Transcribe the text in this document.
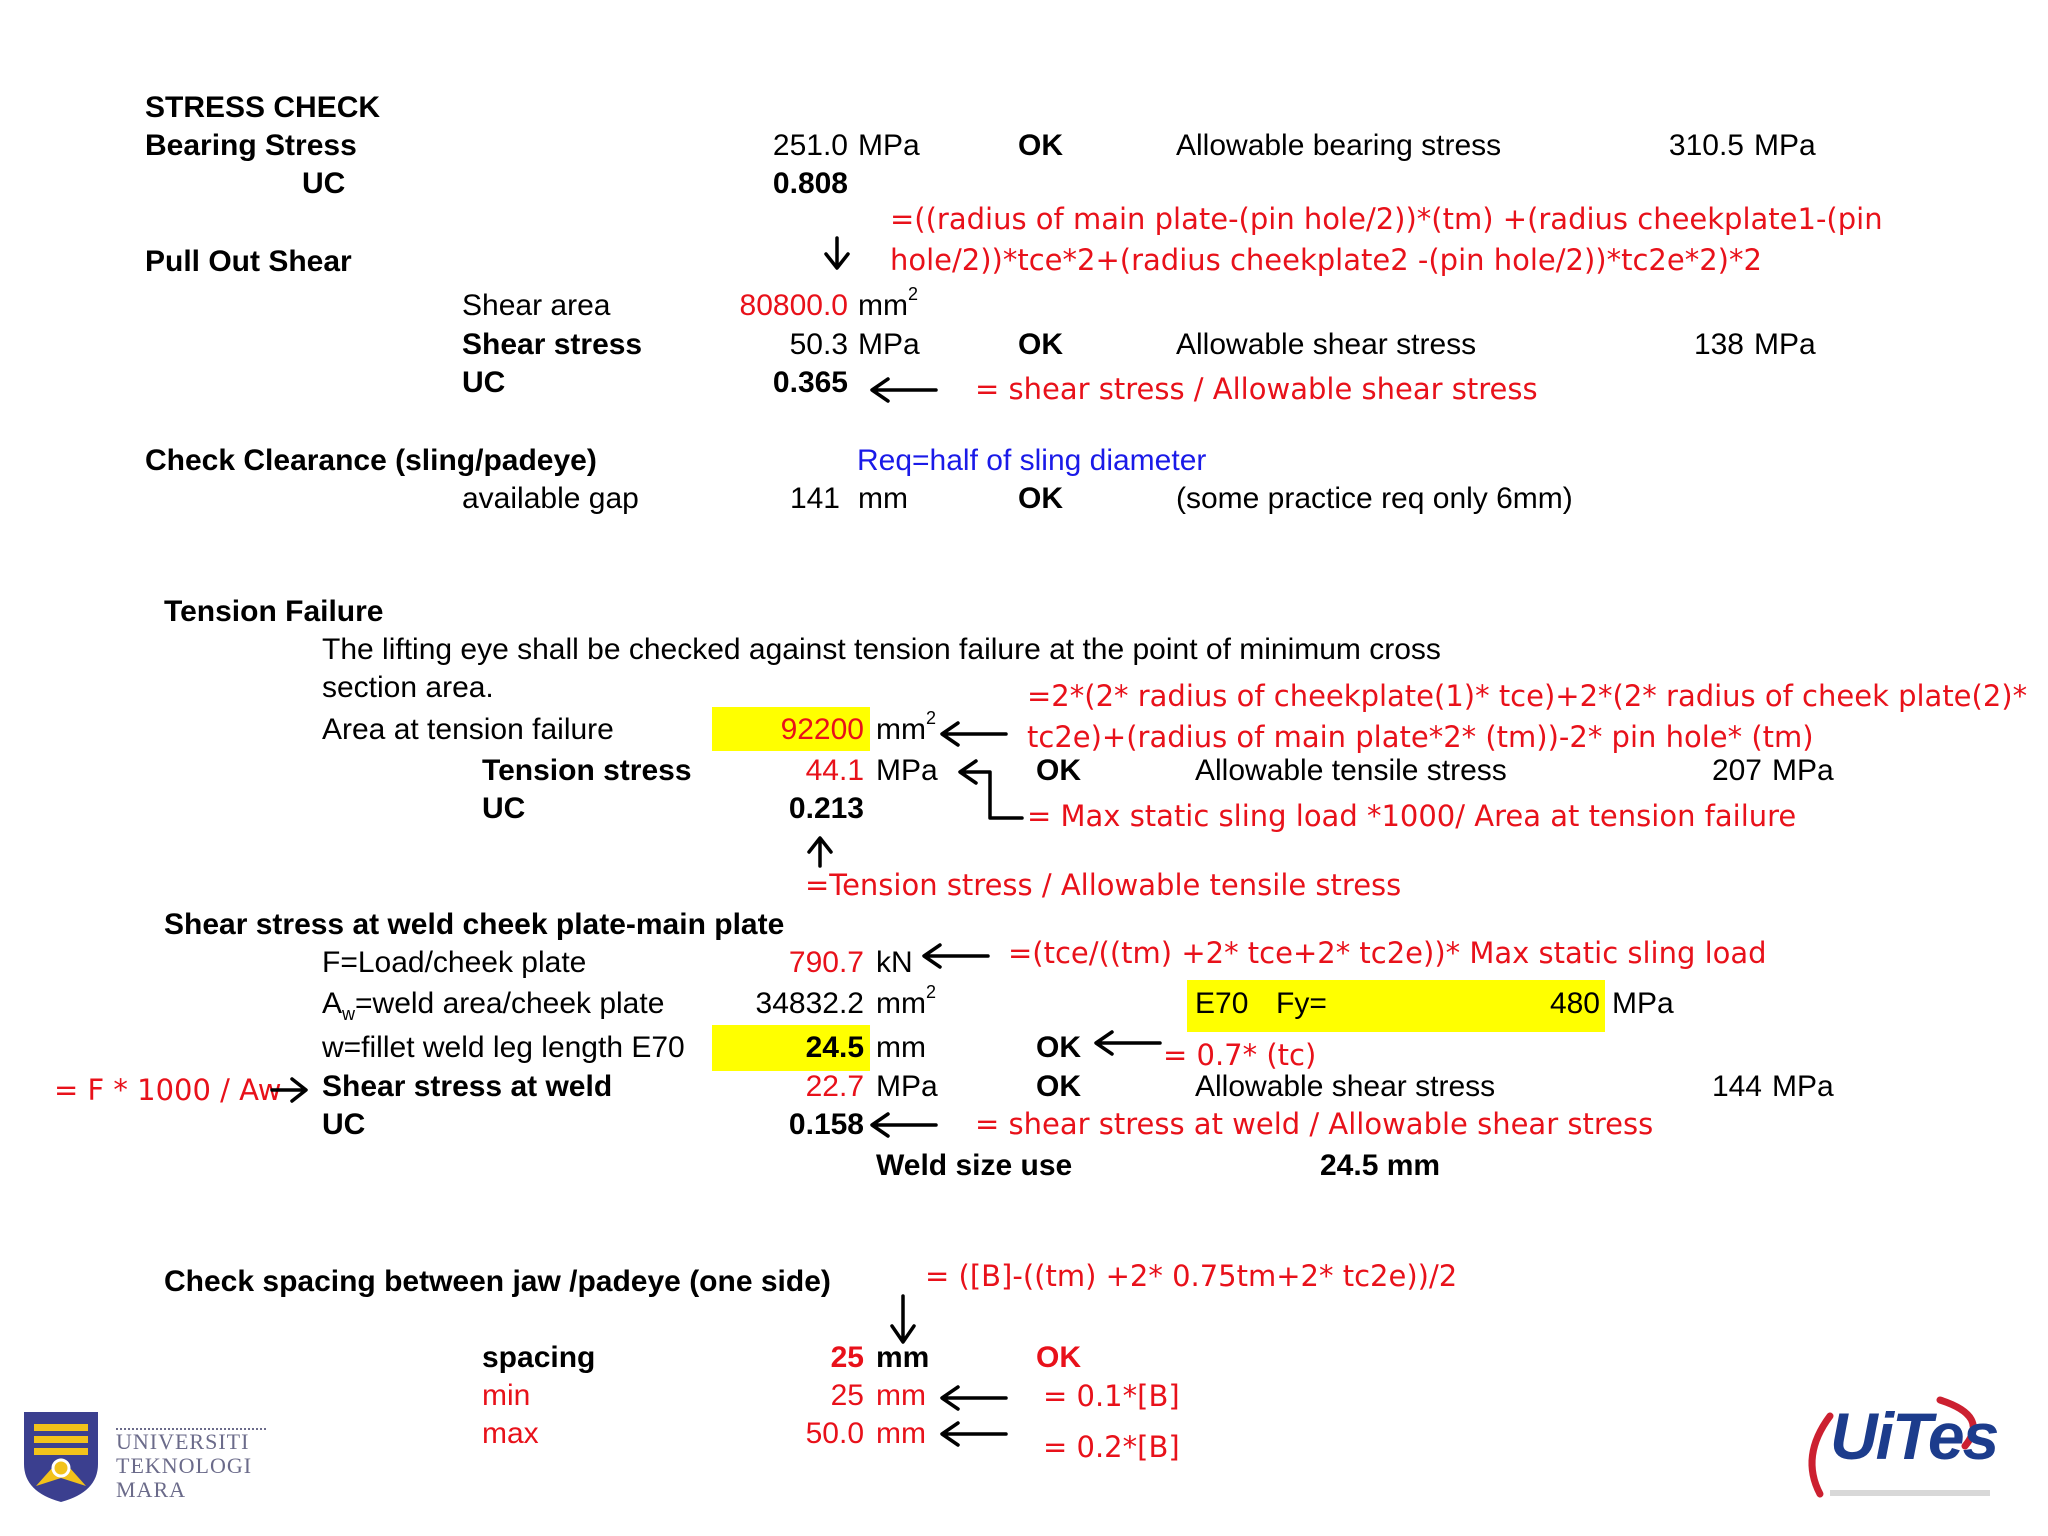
STRESS CHECK
Bearing Stress	251.0 MPa	OK	Allowable bearing stress	310.5 MPa
UC	0.808
=((radius of main plate-(pin hole/2))*(tm) +(radius cheekplate1-(pin
hole/2))*tce*2+(radius cheekplate2 -(pin hole/2))*tc2e*2)*2
Pull Out Shear
Shear area	80800.0 $mm^2$
Shear stress	50.3 MPa	OK	Allowable shear stress	138 MPa
UC	0.365	= shear stress / Allowable shear stress
Check Clearance (sling/padeye)	Req=half of sling diameter
available gap	141 mm	OK	(some practice req only 6mm)
Tension Failure
The lifting eye shall be checked against tension failure at the point of minimum cross
section area.	=2*(2* radius of cheekplate(1)* tce)+2*(2* radius of cheek plate(2)*
tc2e)+(radius of main plate*2* (tm))-2* pin hole* (tm)
Area at tension failure	92200 $mm^2$
Tension stress	44.1 MPa	OK	Allowable tensile stress	207 MPa
UC	0.213	= Max static sling load *1000/ Area at tension failure
=Tension stress / Allowable tensile stress
Shear stress at weld cheek plate-main plate
F=Load/cheek plate	790.7 kN	=(tce/((tm) +2* tce+2* tc2e))* Max static sling load
$A_w=weld$ area/cheek plate	34832.2 $mm^2$	E70 Fy=	480 MPa
w=fillet weld leg length E70	24.5 mm	OK	= 0.7* (tc)
= F * 1000 / Aw Shear stress at weld	22.7 MPa	OK	Allowable shear stress	144 MPa
UC	0.158	= shear stress at weld / Allowable shear stress
Weld size use	24.5 mm
= ([B]-((tm) +2* 0.75tm+2* tc2e))/2
Check spacing between jaw /padeye (one side)
spacing	25 mm	OK
min	25 mm	= 0.1*[B]
max	50.0 mm	= 0.2*[B]
UNIVERSITI
TEKNOLOGI
MARA
UiTes
